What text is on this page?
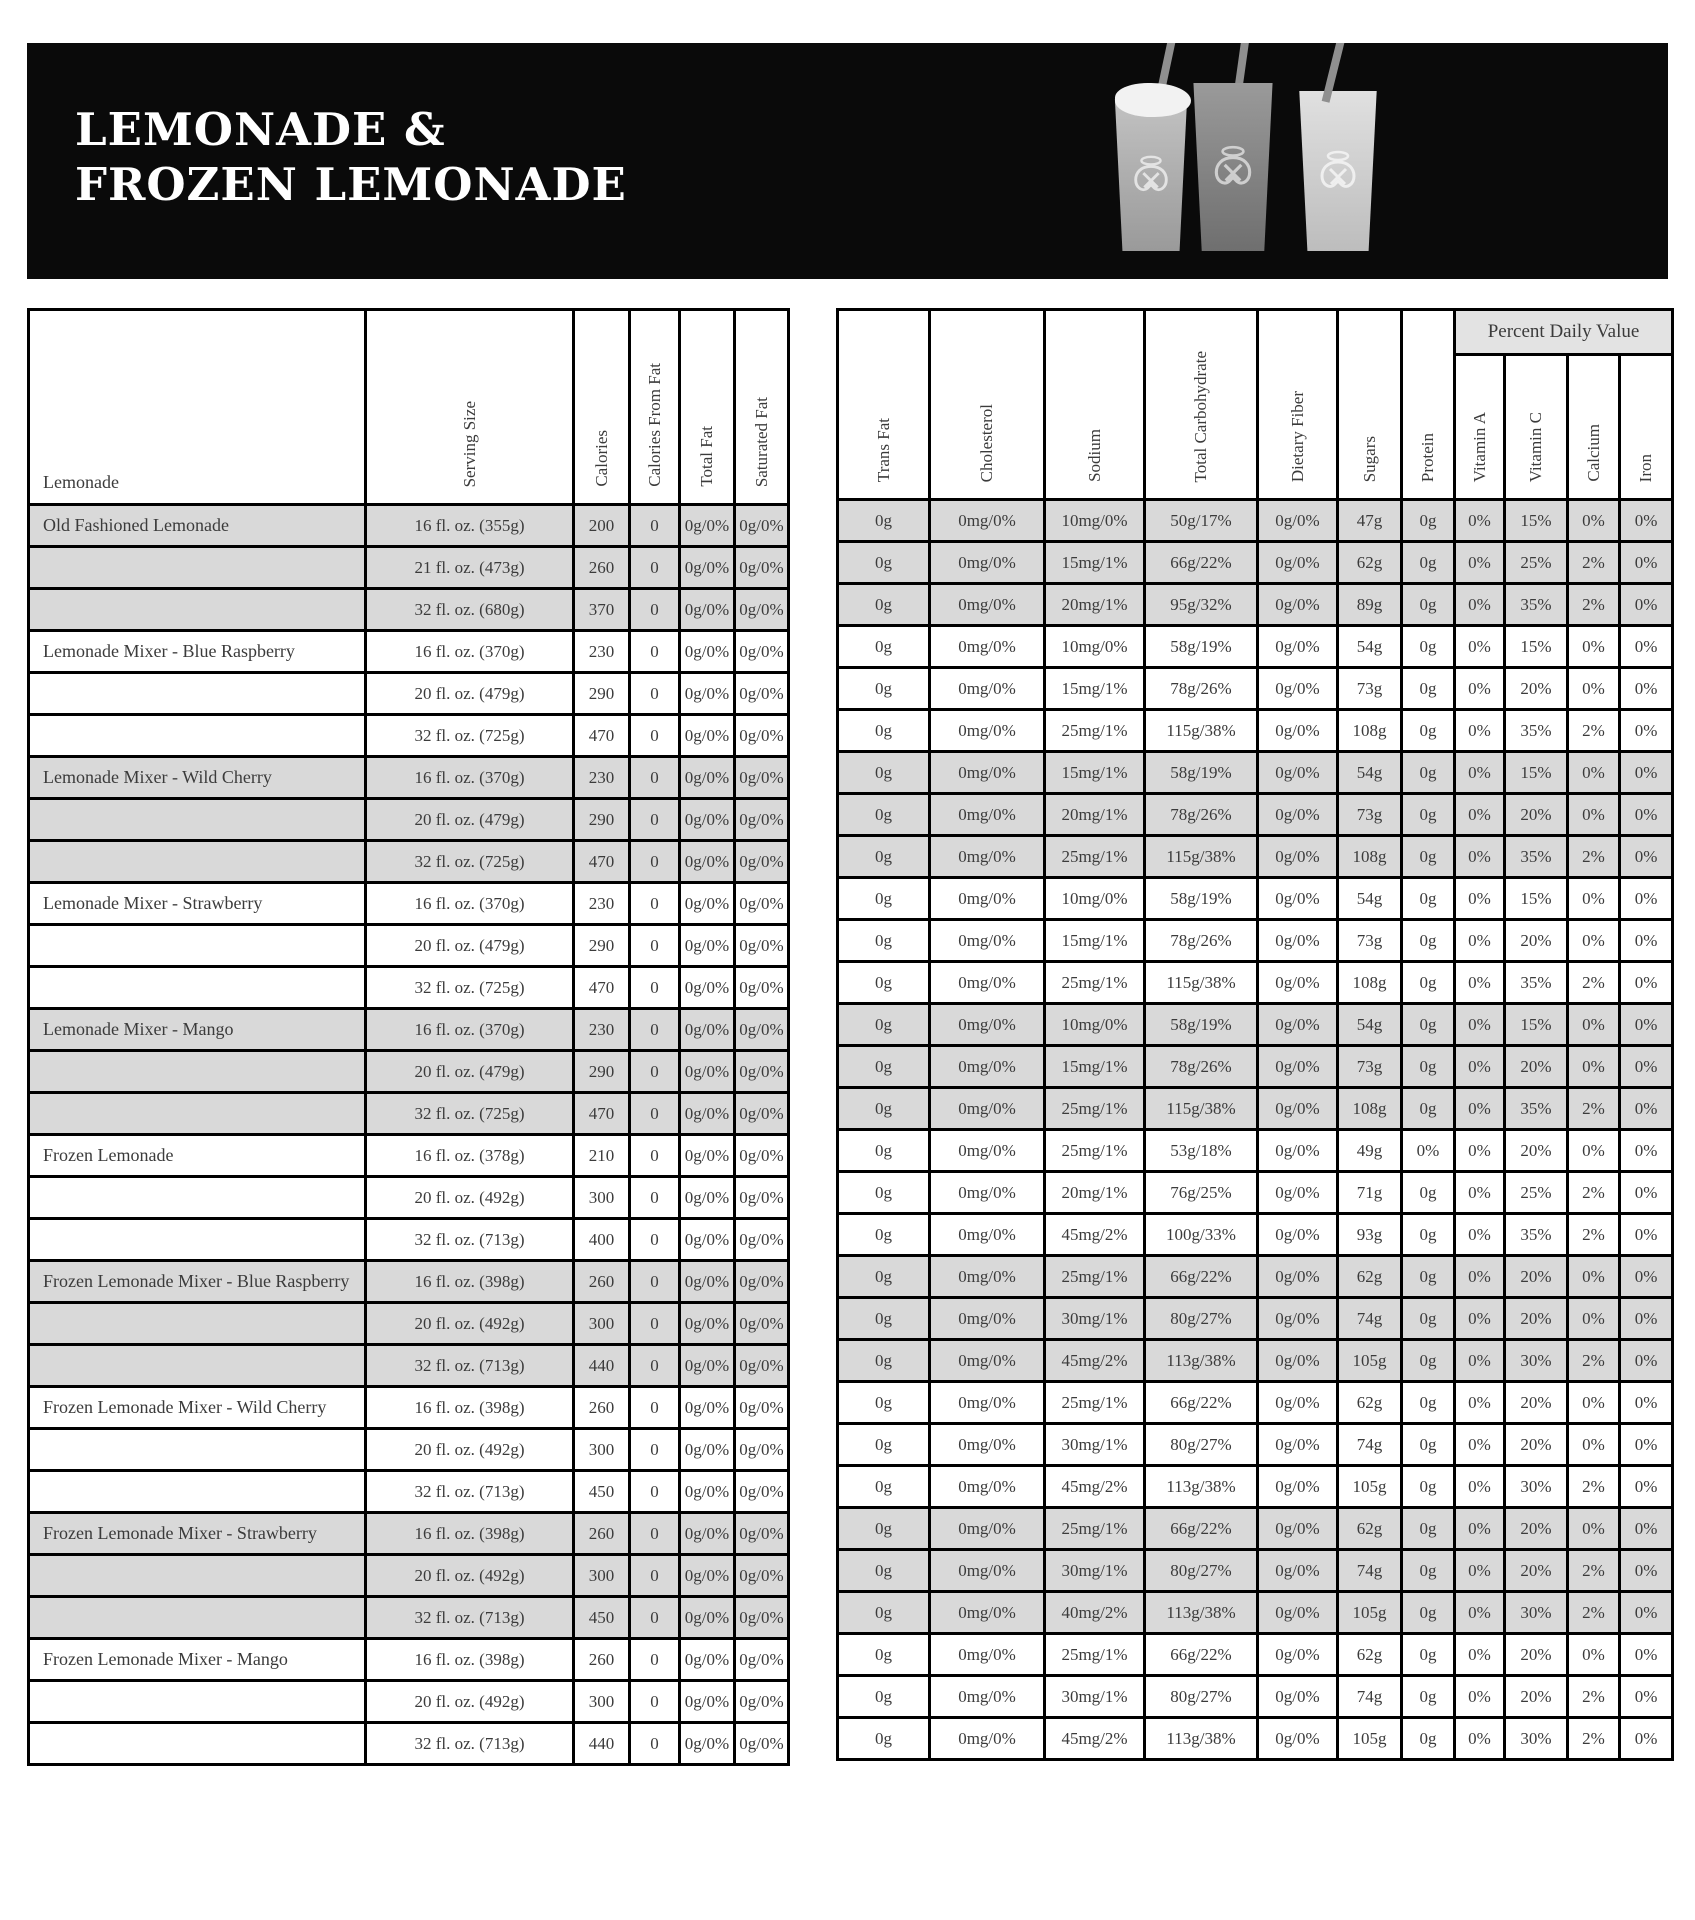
LEMONADE &
FROZEN LEMONADE
Lemonade	Serving Size	Calories	Calories From Fat	Total Fat	Saturated Fat
Old Fashioned Lemonade	16 fl. oz. (355g)	200	0	0g/0%	0g/0%
	21 fl. oz. (473g)	260	0	0g/0%	0g/0%
	32 fl. oz. (680g)	370	0	0g/0%	0g/0%
Lemonade Mixer - Blue Raspberry	16 fl. oz. (370g)	230	0	0g/0%	0g/0%
	20 fl. oz. (479g)	290	0	0g/0%	0g/0%
	32 fl. oz. (725g)	470	0	0g/0%	0g/0%
Lemonade Mixer - Wild Cherry	16 fl. oz. (370g)	230	0	0g/0%	0g/0%
	20 fl. oz. (479g)	290	0	0g/0%	0g/0%
	32 fl. oz. (725g)	470	0	0g/0%	0g/0%
Lemonade Mixer - Strawberry	16 fl. oz. (370g)	230	0	0g/0%	0g/0%
	20 fl. oz. (479g)	290	0	0g/0%	0g/0%
	32 fl. oz. (725g)	470	0	0g/0%	0g/0%
Lemonade Mixer - Mango	16 fl. oz. (370g)	230	0	0g/0%	0g/0%
	20 fl. oz. (479g)	290	0	0g/0%	0g/0%
	32 fl. oz. (725g)	470	0	0g/0%	0g/0%
Frozen Lemonade	16 fl. oz. (378g)	210	0	0g/0%	0g/0%
	20 fl. oz. (492g)	300	0	0g/0%	0g/0%
	32 fl. oz. (713g)	400	0	0g/0%	0g/0%
Frozen Lemonade Mixer - Blue Raspberry	16 fl. oz. (398g)	260	0	0g/0%	0g/0%
	20 fl. oz. (492g)	300	0	0g/0%	0g/0%
	32 fl. oz. (713g)	440	0	0g/0%	0g/0%
Frozen Lemonade Mixer - Wild Cherry	16 fl. oz. (398g)	260	0	0g/0%	0g/0%
	20 fl. oz. (492g)	300	0	0g/0%	0g/0%
	32 fl. oz. (713g)	450	0	0g/0%	0g/0%
Frozen Lemonade Mixer - Strawberry	16 fl. oz. (398g)	260	0	0g/0%	0g/0%
	20 fl. oz. (492g)	300	0	0g/0%	0g/0%
	32 fl. oz. (713g)	450	0	0g/0%	0g/0%
Frozen Lemonade Mixer - Mango	16 fl. oz. (398g)	260	0	0g/0%	0g/0%
	20 fl. oz. (492g)	300	0	0g/0%	0g/0%
	32 fl. oz. (713g)	440	0	0g/0%	0g/0%
Trans Fat	Cholesterol	Sodium	Total Carbohydrate	Dietary Fiber	Sugars	Protein	Percent Daily Value			
							Vitamin A	Vitamin C	Calcium	Iron
0g	0mg/0%	10mg/0%	50g/17%	0g/0%	47g	0g	0%	15%	0%	0%
0g	0mg/0%	15mg/1%	66g/22%	0g/0%	62g	0g	0%	25%	2%	0%
0g	0mg/0%	20mg/1%	95g/32%	0g/0%	89g	0g	0%	35%	2%	0%
0g	0mg/0%	10mg/0%	58g/19%	0g/0%	54g	0g	0%	15%	0%	0%
0g	0mg/0%	15mg/1%	78g/26%	0g/0%	73g	0g	0%	20%	0%	0%
0g	0mg/0%	25mg/1%	115g/38%	0g/0%	108g	0g	0%	35%	2%	0%
0g	0mg/0%	15mg/1%	58g/19%	0g/0%	54g	0g	0%	15%	0%	0%
0g	0mg/0%	20mg/1%	78g/26%	0g/0%	73g	0g	0%	20%	0%	0%
0g	0mg/0%	25mg/1%	115g/38%	0g/0%	108g	0g	0%	35%	2%	0%
0g	0mg/0%	10mg/0%	58g/19%	0g/0%	54g	0g	0%	15%	0%	0%
0g	0mg/0%	15mg/1%	78g/26%	0g/0%	73g	0g	0%	20%	0%	0%
0g	0mg/0%	25mg/1%	115g/38%	0g/0%	108g	0g	0%	35%	2%	0%
0g	0mg/0%	10mg/0%	58g/19%	0g/0%	54g	0g	0%	15%	0%	0%
0g	0mg/0%	15mg/1%	78g/26%	0g/0%	73g	0g	0%	20%	0%	0%
0g	0mg/0%	25mg/1%	115g/38%	0g/0%	108g	0g	0%	35%	2%	0%
0g	0mg/0%	25mg/1%	53g/18%	0g/0%	49g	0%	0%	20%	0%	0%
0g	0mg/0%	20mg/1%	76g/25%	0g/0%	71g	0g	0%	25%	2%	0%
0g	0mg/0%	45mg/2%	100g/33%	0g/0%	93g	0g	0%	35%	2%	0%
0g	0mg/0%	25mg/1%	66g/22%	0g/0%	62g	0g	0%	20%	0%	0%
0g	0mg/0%	30mg/1%	80g/27%	0g/0%	74g	0g	0%	20%	0%	0%
0g	0mg/0%	45mg/2%	113g/38%	0g/0%	105g	0g	0%	30%	2%	0%
0g	0mg/0%	25mg/1%	66g/22%	0g/0%	62g	0g	0%	20%	0%	0%
0g	0mg/0%	30mg/1%	80g/27%	0g/0%	74g	0g	0%	20%	0%	0%
0g	0mg/0%	45mg/2%	113g/38%	0g/0%	105g	0g	0%	30%	2%	0%
0g	0mg/0%	25mg/1%	66g/22%	0g/0%	62g	0g	0%	20%	0%	0%
0g	0mg/0%	30mg/1%	80g/27%	0g/0%	74g	0g	0%	20%	2%	0%
0g	0mg/0%	40mg/2%	113g/38%	0g/0%	105g	0g	0%	30%	2%	0%
0g	0mg/0%	25mg/1%	66g/22%	0g/0%	62g	0g	0%	20%	0%	0%
0g	0mg/0%	30mg/1%	80g/27%	0g/0%	74g	0g	0%	20%	2%	0%
0g	0mg/0%	45mg/2%	113g/38%	0g/0%	105g	0g	0%	30%	2%	0%
